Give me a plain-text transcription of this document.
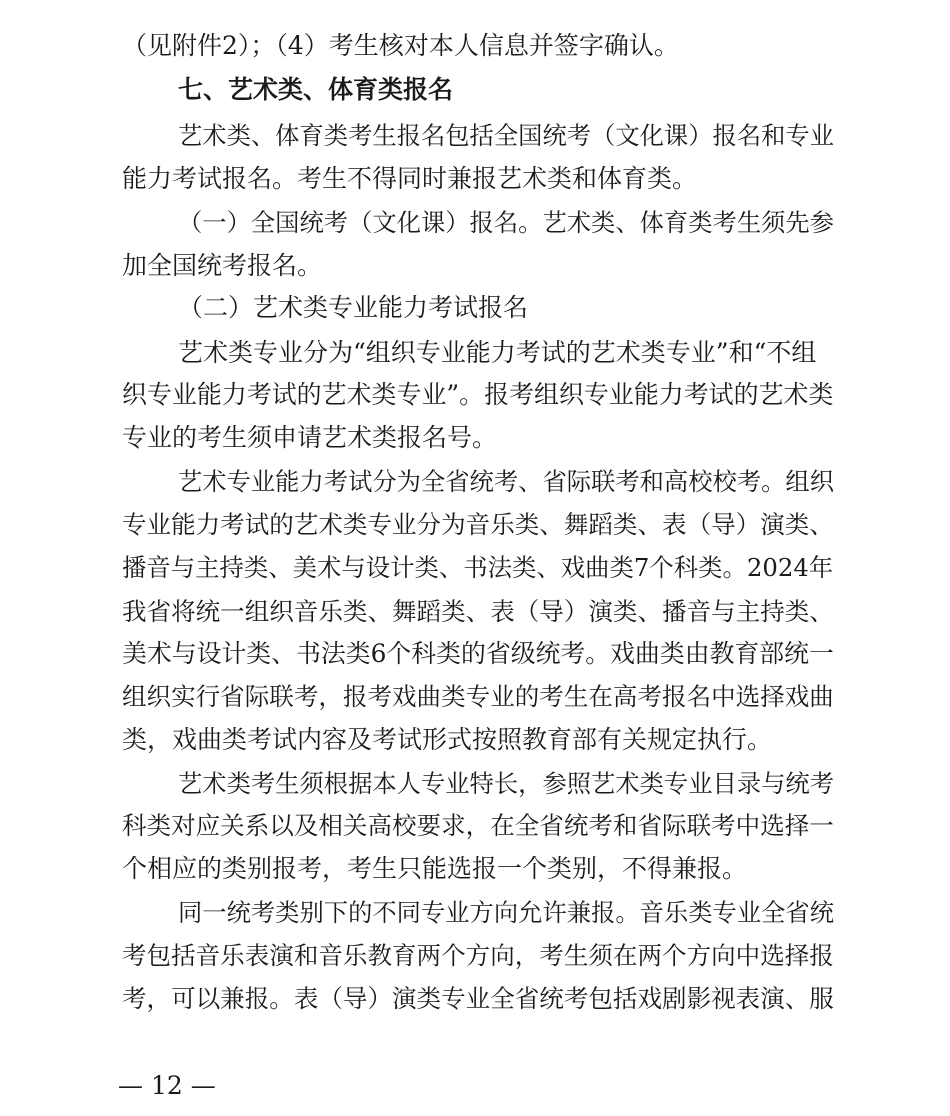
（见附件2）；（4）考生核对本人信息并签字确认。
七、艺术类、体育类报名
艺术类、体育类考生报名包括全国统考（文化课）报名和专业
能力考试报名。考生不得同时兼报艺术类和体育类。
（一）全国统考（文化课）报名。艺术类、体育类考生须先参
加全国统考报名。
（二）艺术类专业能力考试报名
艺术类专业分为“组织专业能力考试的艺术类专业”和“不组
织专业能力考试的艺术类专业”。报考组织专业能力考试的艺术类
专业的考生须申请艺术类报名号。
艺术专业能力考试分为全省统考、省际联考和高校校考。组织
专业能力考试的艺术类专业分为音乐类、舞蹈类、表（导）演类、
播音与主持类、美术与设计类、书法类、戏曲类7个科类。2024年
我省将统一组织音乐类、舞蹈类、表（导）演类、播音与主持类、
美术与设计类、书法类6个科类的省级统考。戏曲类由教育部统一
组织实行省际联考，报考戏曲类专业的考生在高考报名中选择戏曲
类，戏曲类考试内容及考试形式按照教育部有关规定执行。
艺术类考生须根据本人专业特长，参照艺术类专业目录与统考
科类对应关系以及相关高校要求，在全省统考和省际联考中选择一
个相应的类别报考，考生只能选报一个类别，不得兼报。
同一统考类别下的不同专业方向允许兼报。音乐类专业全省统
考包括音乐表演和音乐教育两个方向，考生须在两个方向中选择报
考，可以兼报。表（导）演类专业全省统考包括戏剧影视表演、服
— 12 —
